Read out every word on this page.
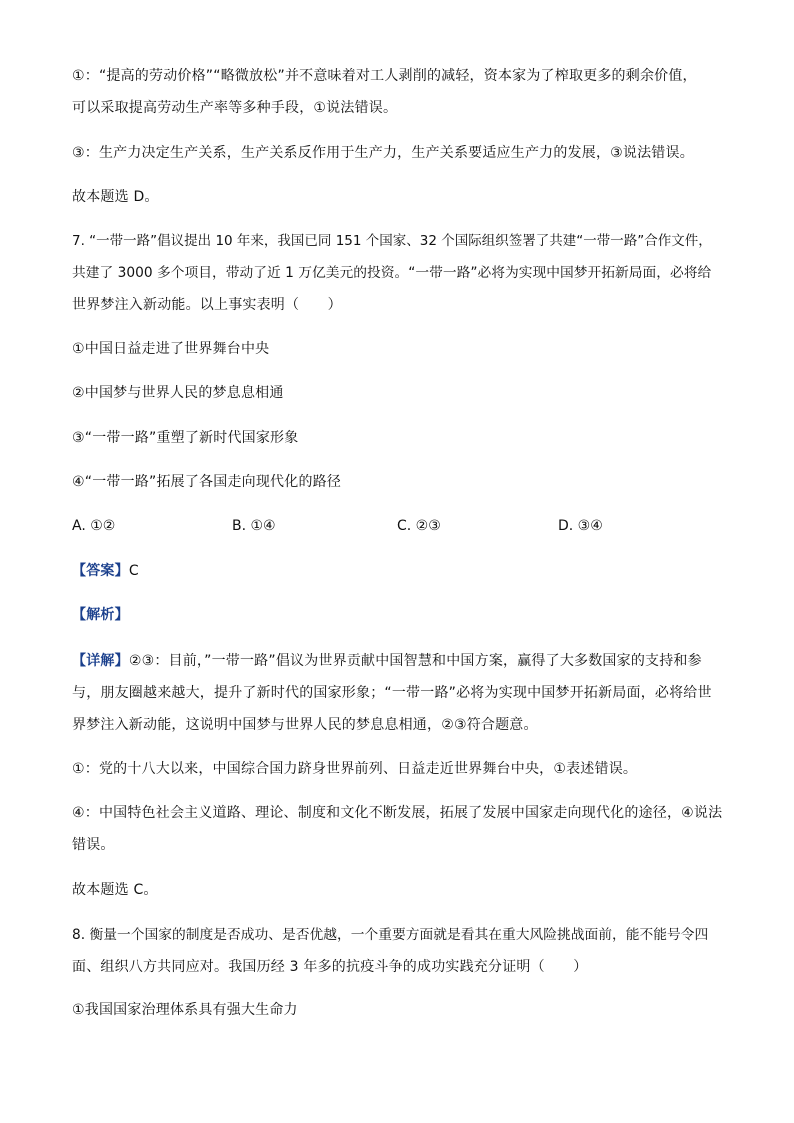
①：“提高的劳动价格”“略微放松”并不意味着对工人剥削的减轻，资本家为了榨取更多的剩余价值，
可以采取提高劳动生产率等多种手段，①说法错误。
③：生产力决定生产关系，生产关系反作用于生产力，生产关系要适应生产力的发展，③说法错误。
故本题选 D。
7. “一带一路”倡议提出 10 年来，我国已同 151 个国家、32 个国际组织签署了共建“一带一路”合作文件，
共建了 3000 多个项目，带动了近 1 万亿美元的投资。“一带一路”必将为实现中国梦开拓新局面，必将给
世界梦注入新动能。以上事实表明（　　）
①中国日益走进了世界舞台中央
②中国梦与世界人民的梦息息相通
③“一带一路”重塑了新时代国家形象
④“一带一路”拓展了各国走向现代化的路径
A. ①②	B. ①④	C. ②③	D. ③④
【答案】C
【解析】
【详解】②③：目前，”一带一路”倡议为世界贡献中国智慧和中国方案，赢得了大多数国家的支持和参
与，朋友圈越来越大，提升了新时代的国家形象；“一带一路”必将为实现中国梦开拓新局面，必将给世
界梦注入新动能，这说明中国梦与世界人民的梦息息相通，②③符合题意。
①：党的十八大以来，中国综合国力跻身世界前列、日益走近世界舞台中央，①表述错误。
④：中国特色社会主义道路、理论、制度和文化不断发展，拓展了发展中国家走向现代化的途径，④说法
错误。
故本题选 C。
8. 衡量一个国家的制度是否成功、是否优越，一个重要方面就是看其在重大风险挑战面前，能不能号令四
面、组织八方共同应对。我国历经 3 年多的抗疫斗争的成功实践充分证明（　　）
①我国国家治理体系具有强大生命力
